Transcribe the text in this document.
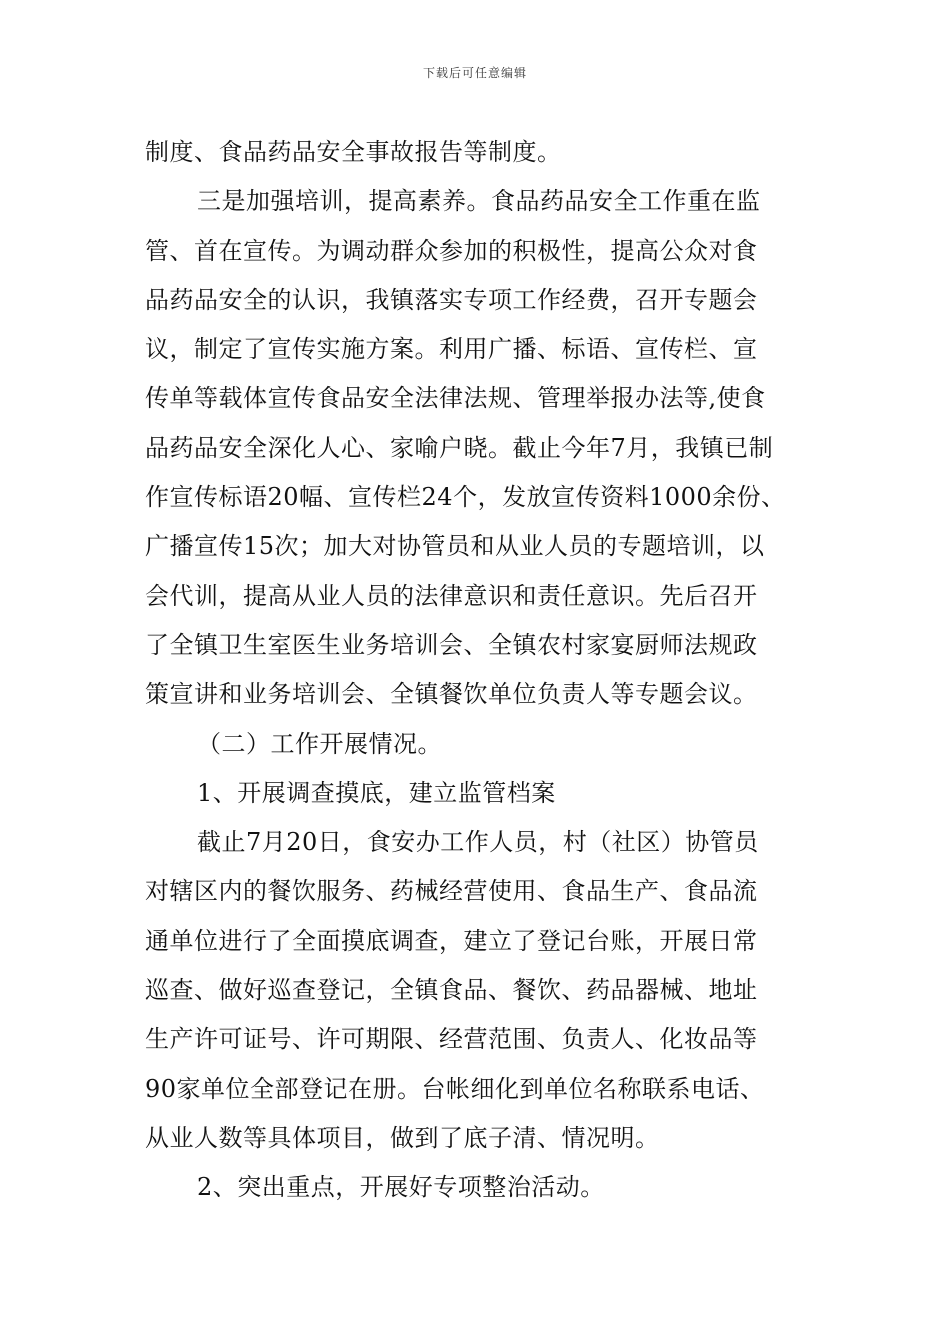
下载后可任意编辑
制度、食品药品安全事故报告等制度。
三是加强培训，提高素养。食品药品安全工作重在监
管、首在宣传。为调动群众参加的积极性，提高公众对食
品药品安全的认识，我镇落实专项工作经费，召开专题会
议，制定了宣传实施方案。利用广播、标语、宣传栏、宣
传单等载体宣传食品安全法律法规、管理举报办法等,使食
品药品安全深化人心、家喻户晓。截止今年7月，我镇已制
作宣传标语20幅、宣传栏24个，发放宣传资料1000余份、
广播宣传15次；加大对协管员和从业人员的专题培训，以
会代训，提高从业人员的法律意识和责任意识。先后召开
了全镇卫生室医生业务培训会、全镇农村家宴厨师法规政
策宣讲和业务培训会、全镇餐饮单位负责人等专题会议。
（二）工作开展情况。
1、开展调查摸底，建立监管档案
截止7月20日，食安办工作人员，村（社区）协管员
对辖区内的餐饮服务、药械经营使用、食品生产、食品流
通单位进行了全面摸底调查，建立了登记台账，开展日常
巡查、做好巡查登记，全镇食品、餐饮、药品器械、地址
生产许可证号、许可期限、经营范围、负责人、化妆品等
90家单位全部登记在册。台帐细化到单位名称联系电话、
从业人数等具体项目，做到了底子清、情况明。
2、突出重点，开展好专项整治活动。
